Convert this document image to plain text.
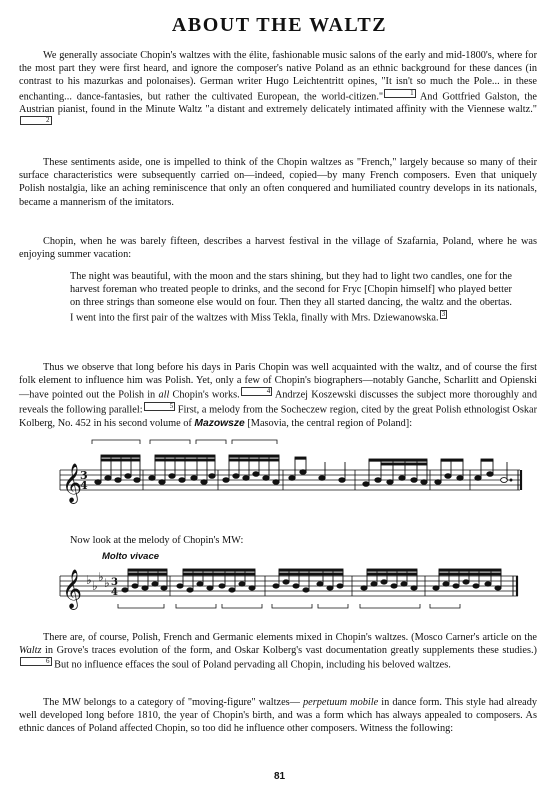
ABOUT THE WALTZ

We generally associate Chopin's waltzes with the élite, fashionable music salons of the early and mid-1800's, where for the most part they were first heard, and ignore the composer's native Poland as an ethnic background for these dances (in contrast to his mazurkas and polonaises). German writer Hugo Leichtentritt opines, "It isn't so much the Pole... in these enchanting... dance-fantasies, but rather the cultivated European, the world-citizen."	1 And Gottfried Galston, the Austrian pianist, found in the Minute Waltz "a distant and extremely delicately intimated affinity with the Viennese waltz."2

These sentiments aside, one is impelled to think of the Chopin waltzes as "French," largely because so many of their surface characteristics were subsequently carried on—indeed, copied—by many French composers. Even that uniquely Polish nostalgia, like an aching reminiscence that only an often conquered and humiliated country develops in its nationals, became a mannerism of the imitators.

Chopin, when he was barely fifteen, describes a harvest festival in the village of Szafarnia, Poland, where he was enjoying summer vacation:

The night was beautiful, with the moon and the stars shining, but they had to light two candles, one for the harvest foreman who treated people to drinks, and the second for Fryc [Chopin himself] who played better on three strings than someone else would on four. Then they all started dancing, the waltz and the obertas. I went into the first pair of the waltzes with Miss Tekla, finally with Mrs. Dziewanowska. 3

Thus we observe that long before his days in Paris Chopin was well acquainted with the waltz, and of course the first folk element to influence him was Polish. Yet, only a few of Chopin's biographers—notably Ganche, Scharlitt and Opienski—have pointed out the Polish in all Chopin's works.	4 Andrzej Koszewski discusses the subject more thoroughly and reveals the following parallel:	5 First, a melody from the Socheczew region, cited by the great Polish ethnologist Oskar Kolberg, No. 452 in his second volume of Mazowsze [Masovia, the central region of Poland]:

𝄞
3
4

Now look at the melody of Chopin's MW:

Molto vivace

𝄞 ♭ ♭
♭ ♭ 3
4

There are, of course, Polish, French and Germanic elements mixed in Chopin's waltzes. (Mosco Carner's article on the Waltz in Grove's traces evolution of the form, and Oskar Kolberg's vast documentation greatly supplements these studies.)6 But no influence effaces the soul of Poland pervading all Chopin, including his beloved waltzes.

The MW belongs to a category of "moving-figure" waltzes— perpetuum mobile in dance form. This style had already well developed long before 1810, the year of Chopin's birth, and was a form which has always appealed to composers. As ethnic dances of Poland affected Chopin, so too did he influence other composers. Witness the following:

81
